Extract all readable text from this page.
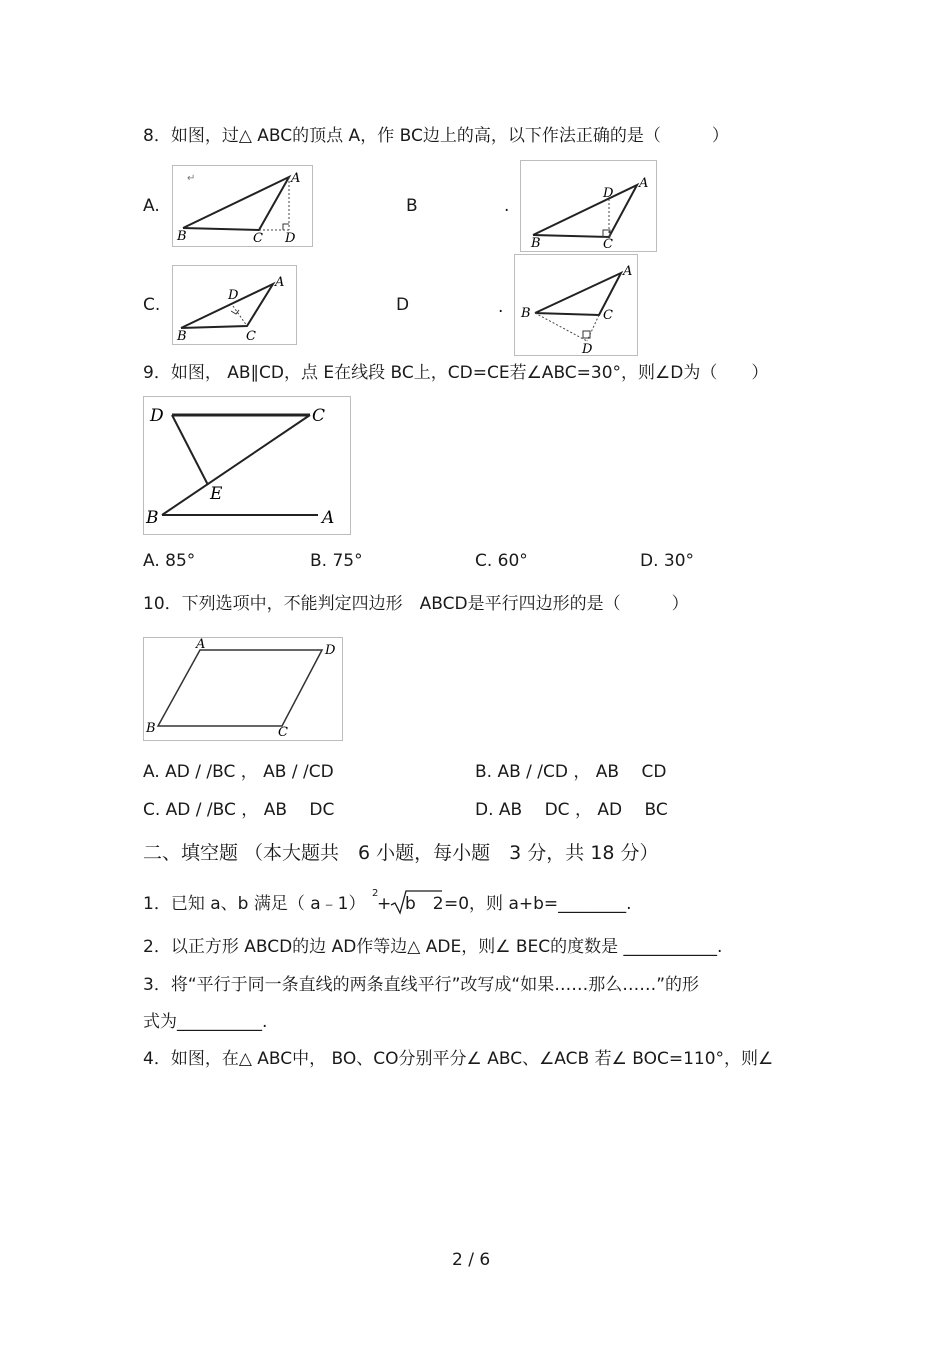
8．如图，过△ ABC的顶点 A，作 BC边上的高，以下作法正确的是（　　　）
A.
↵	A
B	C D
B	.
A
D
B	C
C.
A
D
B	C
D	.
A
B	C
D
9．如图， AB∥CD，点 E在线段 BC上，CD=CE若∠ABC=30°，则∠D为（　　）
D	C
E
B	A
A. 85°	B. 75°	C. 60°	D. 30°
10．下列选项中，不能判定四边形　ABCD是平行四边形的是（　　　）
A	D
B	C
A. AD / /BC ， AB / /CD	B. AB / /CD ， AB　 CD
C. AD / /BC ， AB　 DC	D. AB　 DC ， AD　 BC
二、填空题 （本大题共　6 小题，每小题　3 分，共 18 分）
1．已知 a、b 满足（ a﹣1）
2
+ b　2 =0，则 a+b=________.
2．以正方形 ABCD的边 AD作等边△ ADE，则∠ BEC的度数是 ___________.
3．将“平行于同一条直线的两条直线平行”改写成“如果……那么……”的形
式为__________.
4．如图，在△ ABC中， BO、CO分别平分∠ ABC、∠ACB 若∠ BOC=110°，则∠
2 / 6
